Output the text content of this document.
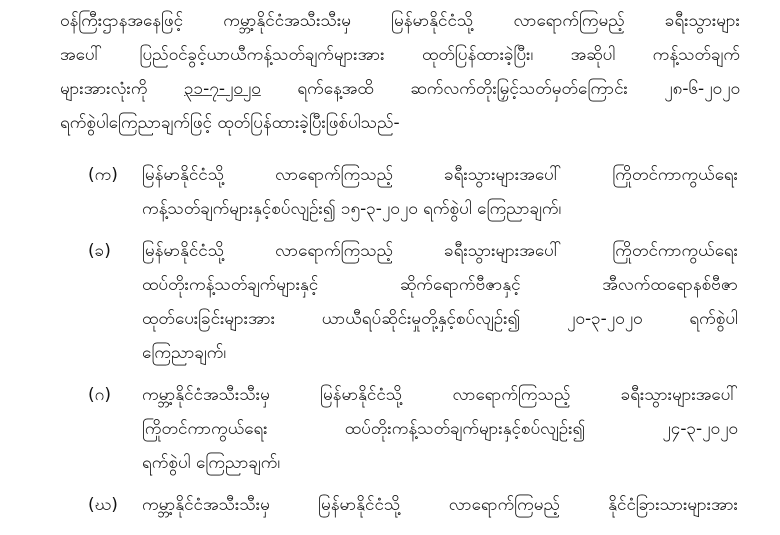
ဝန်ကြီးဌာနအနေဖြင့် ကမ္ဘာ့နိုင်ငံအသီးသီးမှ မြန်မာနိုင်ငံသို့ လာရောက်ကြမည့် ခရီးသွားများ
အပေါ် ပြည်ဝင်ခွင့်ယာယီကန့်သတ်ချက်များအား ထုတ်ပြန်ထားခဲ့ပြီး၊ အဆိုပါ ကန့်သတ်ချက်
များအားလုံးကို ၃၁-၇-၂၀၂၀ ရက်နေ့အထိ ဆက်လက်တိုးမြှင့်သတ်မှတ်ကြောင်း ၂၈-၆-၂၀၂၀
ရက်စွဲပါကြေညာချက်ဖြင့် ထုတ်ပြန်ထားခဲ့ပြီးဖြစ်ပါသည်-
(က)	မြန်မာနိုင်ငံသို့ လာရောက်ကြသည့် ခရီးသွားများအပေါ် ကြိုတင်ကာကွယ်ရေး
ကန့်သတ်ချက်များနှင့်စပ်လျဉ်း၍ ၁၅-၃-၂၀၂၀ ရက်စွဲပါ ကြေညာချက်၊
(ခ)	မြန်မာနိုင်ငံသို့ လာရောက်ကြသည့် ခရီးသွားများအပေါ် ကြိုတင်ကာကွယ်ရေး
ထပ်တိုးကန့်သတ်ချက်များနှင့် ဆိုက်ရောက်ဗီဇာနှင့် အီလက်ထရောနစ်ဗီဇာ
ထုတ်ပေးခြင်းများအား ယာယီရပ်ဆိုင်းမှုတို့နှင့်စပ်လျဉ်း၍ ၂၀-၃-၂၀၂၀ ရက်စွဲပါ
ကြေညာချက်၊
(ဂ)	ကမ္ဘာ့နိုင်ငံအသီးသီးမှ မြန်မာနိုင်ငံသို့ လာရောက်ကြသည့် ခရီးသွားများအပေါ်
ကြိုတင်ကာကွယ်ရေး ထပ်တိုးကန့်သတ်ချက်များနှင့်စပ်လျဉ်း၍ ၂၄-၃-၂၀၂၀
ရက်စွဲပါ ကြေညာချက်၊
(ဃ)	ကမ္ဘာ့နိုင်ငံအသီးသီးမှ မြန်မာနိုင်ငံသို့ လာရောက်ကြမည့် နိုင်ငံခြားသားများအား
